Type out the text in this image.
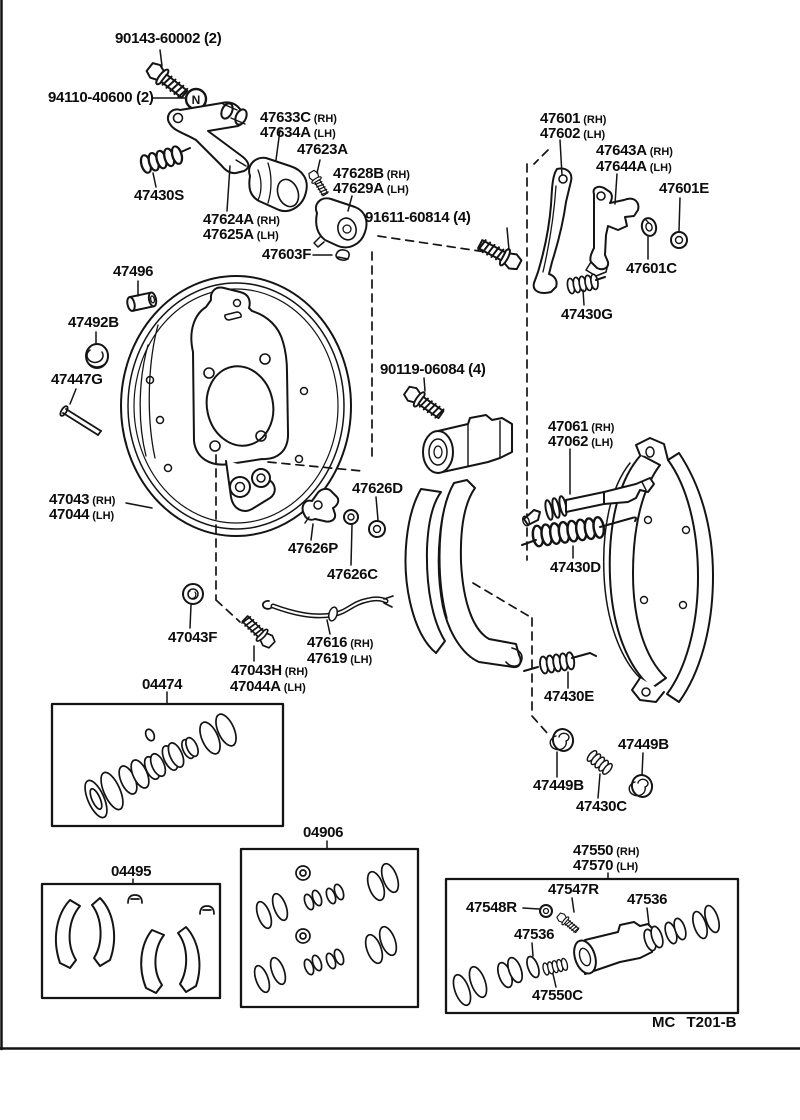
N
90143-60002 (2)
94110-40600 (2)
47633C (RH)
47634A (LH)
47623A
47628B (RH)
47629A (LH)
47601 (RH)
47602 (LH)
47643A (RH)
47644A (LH)
47601E
91611-60814 (4)
47624A (RH)
47625A (LH)
47430S
47603F
47601C
47430G
47496
47492B
47447G
90119-06084 (4)
47061 (RH)
47062 (LH)
47043 (RH)
47044 (LH)
47626D
47626P
47626C	47430D
47043F	47616 (RH)
47619 (LH)
47043H (RH)
47044A (LH)
04474
47430E
47449B
47449B
47430C
04906
04495
47550 (RH)
47570 (LH)
47547R
47548R	47536
47536
47550C
MC T201-B
